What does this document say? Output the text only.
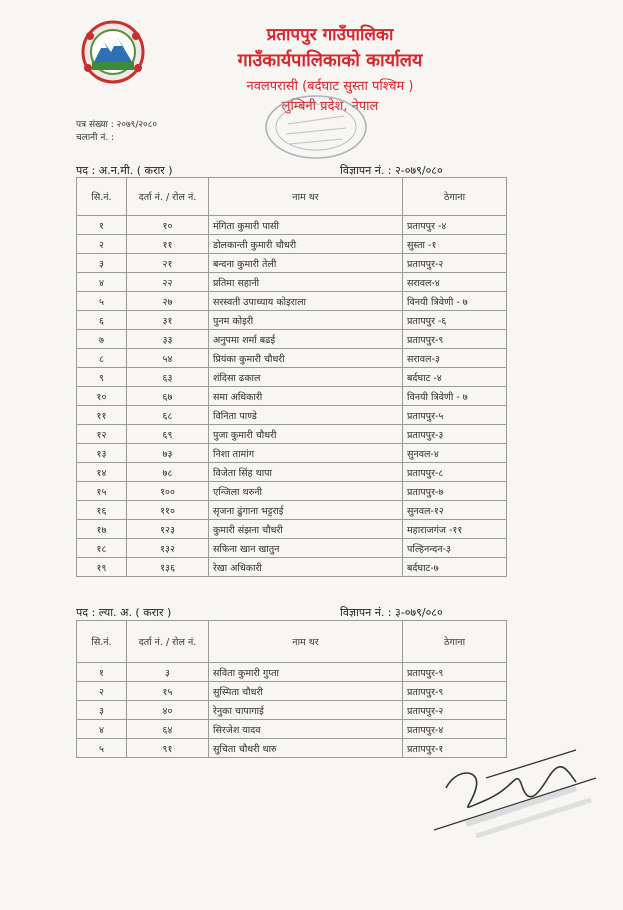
प्रतापपुर गाउँपालिका
गाउँकार्यपालिकाको कार्यालय
नवलपरासी (बर्दघाट सुस्ता पश्चिम )
लुम्बिनी प्रदेश, नेपाल
पत्र संख्या : २०७९/२०८०
चलानी नं. :
पद : अ.न.मी. ( करार )	विज्ञापन नं. : २-०७९/०८०
सि.नं.	दर्ता नं. / रोल नं.	नाम थर	ठेगाना
१	१०	मंगिता कुमारी पासी	प्रतापपुर -४
२	११	डोलकान्ती कुमारी चौधरी	सुस्ता -१
३	२१	बन्दना कुमारी तेली	प्रतापपुर-२
४	२२	प्रतिमा सहानी	सरावल-४
५	२७	सरस्वती उपाध्याय कोइराला	विनयी त्रिवेणी - ७
६	३१	पुनम कोइरी	प्रतापपुर -६
७	३३	अनुपमा शर्मा बढई	प्रतापपुर-९
८	५४	प्रियंका कुमारी चौधरी	सरावल-३
९	६३	शंदिसा ढकाल	बर्दघाट -४
१०	६७	समा अधिकारी	विनयी त्रिवेणी - ७
११	६८	विनिता पाण्डे	प्रतापपुर-५
१२	६९	पुजा कुमारी चौधरी	प्रतापपुर-३
१३	७३	निशा तामांग	सुनवल-४
१४	७८	विजेता सिंह थापा	प्रतापपुर-८
१५	१००	एन्जिला थरुनी	प्रतापपुर-७
१६	११०	सृजना ढुंगाना भट्टराई	सुनवल-१२
१७	१२३	कुमारी संझना चौधरी	महाराजगंज -११
१८	१३२	सफिना खान खातुन	पल्हिनन्दन-३
१९	१३६	रेखा अधिकारी	बर्दघाट-७
पद : ल्या. अ. ( करार )	विज्ञापन नं. : ३-०७९/०८०
सि.नं.	दर्ता नं. / रोल नं.	नाम थर	ठेगाना
१	३	सविता कुमारी गुप्ता	प्रतापपुर-९
२	१५	सुस्मिता चौधरी	प्रतापपुर-९
३	४०	रेनुका चापागाई	प्रतापपुर-२
४	६४	सिरजेश यादव	प्रतापपुर-४
५	९१	सुचिता चौधरी थारु	प्रतापपुर-१
